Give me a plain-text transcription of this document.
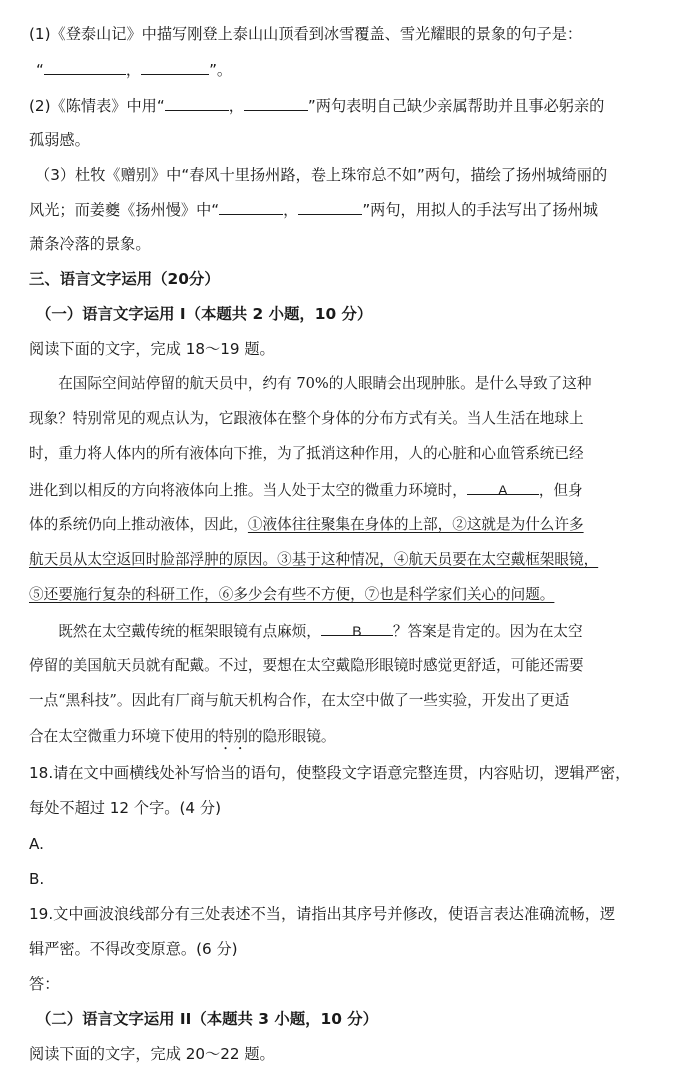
(1)《登泰山记》中描写刚登上泰山山顶看到冰雪覆盖、雪光耀眼的景象的句子是：
“	，	”。
(2)《陈情表》中用“	，	”两句表明自己缺少亲属帮助并且事必躬亲的
孤弱感。
（3）杜牧《赠别》中“春风十里扬州路，卷上珠帘总不如”两句，描绘了扬州城绮丽的
风光；而姜夔《扬州慢》中“	，	”两句，用拟人的手法写出了扬州城
萧条冷落的景象。
三、语言文字运用（20分）
（一）语言文字运用 I（本题共 2 小题，10 分）
阅读下面的文字，完成 18～19 题。
　　在国际空间站停留的航天员中，约有 70%的人眼睛会出现肿胀。是什么导致了这种
现象？特别常见的观点认为，它跟液体在整个身体的分布方式有关。当人生活在地球上
时，重力将人体内的所有液体向下推，为了抵消这种作用，人的心脏和心血管系统已经
进化到以相反的方向将液体向上推。当人处于太空的微重力环境时， A ，但身
体的系统仍向上推动液体，因此，①液体往往聚集在身体的上部，②这就是为什么许多
航天员从太空返回时脸部浮肿的原因。③基于这种情况，④航天员要在太空戴框架眼镜，
⑤还要施行复杂的科研工作，⑥多少会有些不方便，⑦也是科学家们关心的问题。
　　既然在太空戴传统的框架眼镜有点麻烦， B ？答案是肯定的。因为在太空
停留的美国航天员就有配戴。不过，要想在太空戴隐形眼镜时感觉更舒适，可能还需要
一点“黑科技”。因此有厂商与航天机构合作，在太空中做了一些实验，开发出了更适
合在太空微重力环境下使用的特别的隐形眼镜。
18.请在文中画横线处补写恰当的语句，使整段文字语意完整连贯，内容贴切，逻辑严密，
每处不超过 12 个字。(4 分)
A.
B.
19.文中画波浪线部分有三处表述不当，请指出其序号并修改，使语言表达准确流畅，逻
辑严密。不得改变原意。(6 分)
答：
（二）语言文字运用 II（本题共 3 小题，10 分）
阅读下面的文字，完成 20～22 题。
